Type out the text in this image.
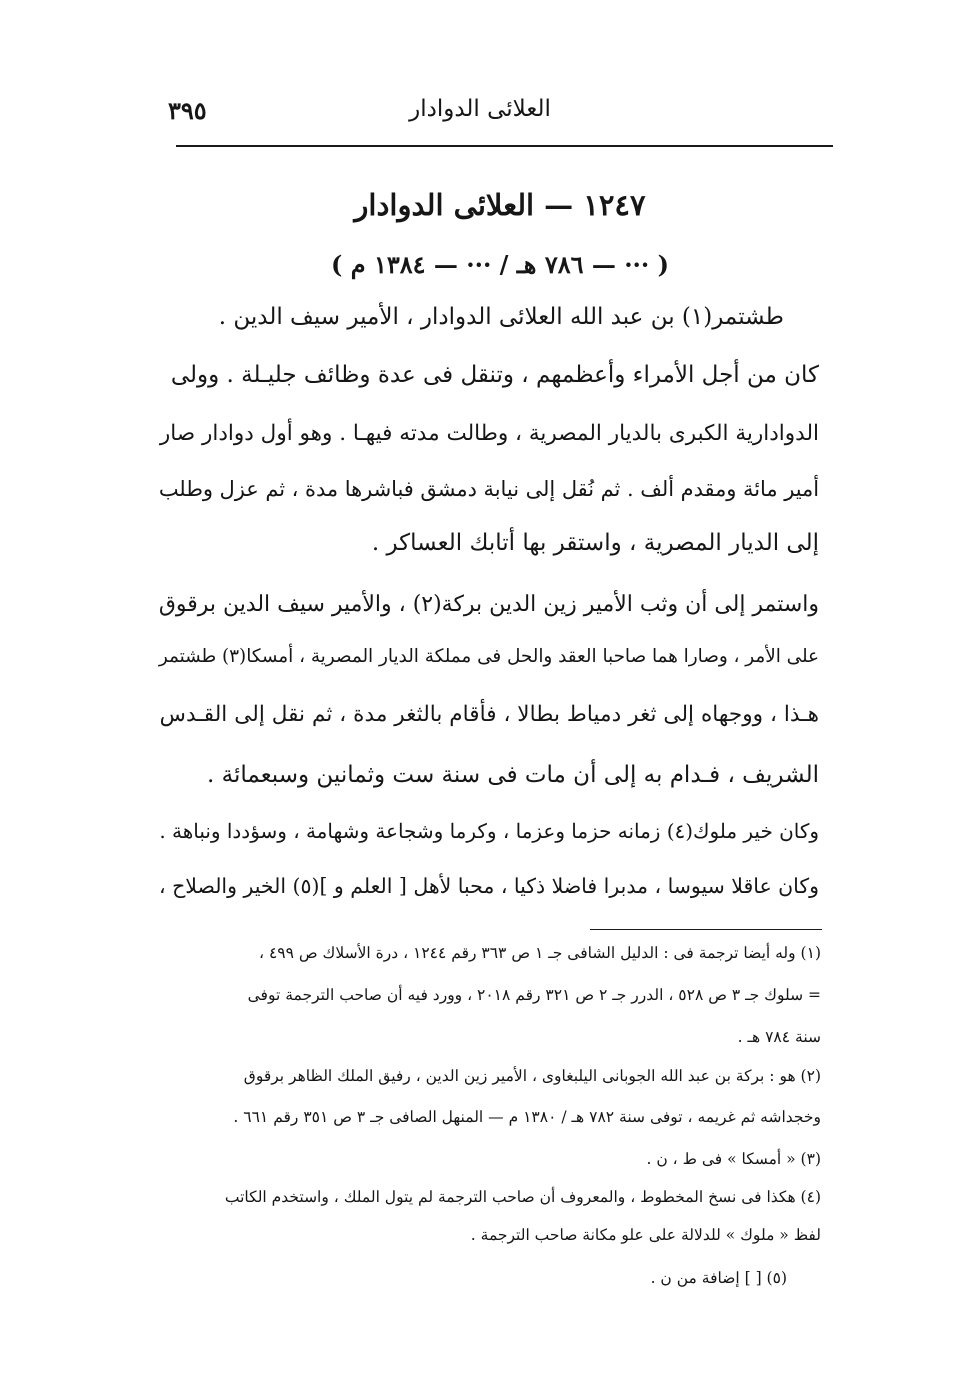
العلائى الدوادار
٣٩٥
١٢٤٧ — العلائى الدوادار
( ··· — ٧٨٦ هـ / ··· — ١٣٨٤ م )
طشتمر(١) بن عبد الله العلائى الدوادار ، الأمير سيف الدين .
كان من أجل الأمراء وأعظمهم ، وتنقل فى عدة وظائف جليـلة . وولى
الدوادارية الكبرى بالديار المصرية ، وطالت مدته فيهـا . وهو أول دوادار صار
أمير مائة ومقدم ألف . ثم نُقل إلى نيابة دمشق فباشرها مدة ، ثم عزل وطلب
إلى الديار المصرية ، واستقر بها أتابك العساكر .
واستمر إلى أن وثب الأمير زين الدين بركة(٢) ، والأمير سيف الدين برقوق
على الأمر ، وصارا هما صاحبا العقد والحل فى مملكة الديار المصرية ، أمسكا(٣) طشتمر
هـذا ، ووجهاه إلى ثغر دمياط بطالا ، فأقام بالثغر مدة ، ثم نقل إلى القـدس
الشريف ، فـدام به إلى أن مات فى سنة ست وثمانين وسبعمائة .
وكان خير ملوك(٤) زمانه حزما وعزما ، وكرما وشجاعة وشهامة ، وسؤددا ونباهة .
وكان عاقلا سيوسا ، مدبرا فاضلا ذكيا ، محبا لأهل [ العلم و ](٥) الخير والصلاح ،
(١) وله أيضا ترجمة فى : الدليل الشافى جـ ١ ص ٣٦٣ رقم ١٢٤٤ ، درة الأسلاك ص ٤٩٩ ،
= سلوك جـ ٣ ص ٥٢٨ ، الدرر جـ ٢ ص ٣٢١ رقم ٢٠١٨ ، وورد فيه أن صاحب الترجمة توفى
سنة ٧٨٤ هـ .
(٢) هو : بركة بن عبد الله الجوبانى اليلبغاوى ، الأمير زين الدين ، رفيق الملك الظاهر برقوق
وخجداشه ثم غريمه ، توفى سنة ٧٨٢ هـ / ١٣٨٠ م — المنهل الصافى جـ ٣ ص ٣٥١ رقم ٦٦١ .
(٣) « أمسكا » فى ط ، ن .
(٤) هكذا فى نسخ المخطوط ، والمعروف أن صاحب الترجمة لم يتول الملك ، واستخدم الكاتب
لفظ « ملوك » للدلالة على علو مكانة صاحب الترجمة .
(٥) [ ] إضافة من ن .
